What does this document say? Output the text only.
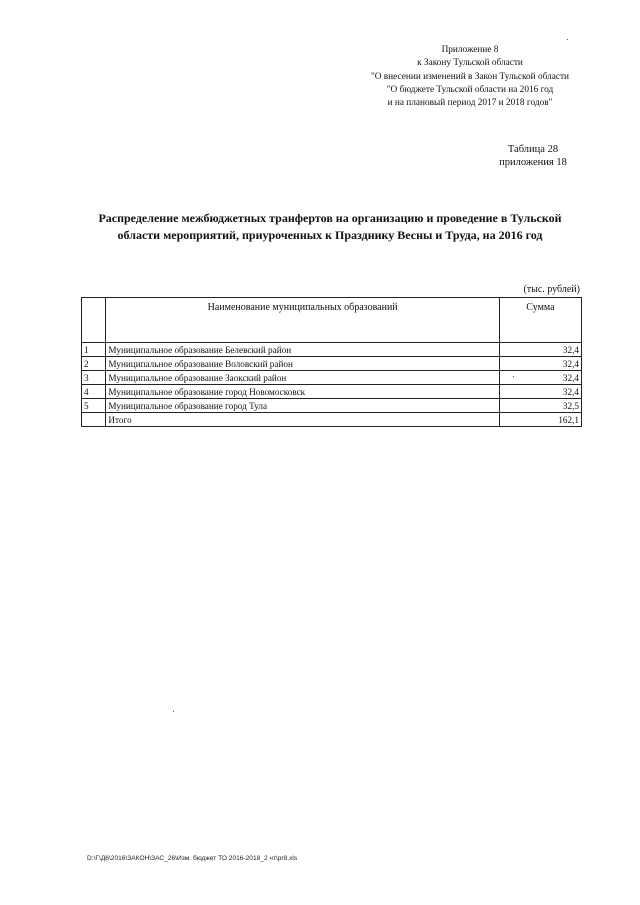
Приложение 8
к Закону Тульской области
"О внесении изменений в Закон Тульской области
"О бюджете Тульской области на 2016 год
и на плановый период 2017 и 2018 годов"
Таблица 28
приложения 18
Распределение межбюджетных транфертов на организацию и проведение в Тульской области мероприятий, приуроченных к Празднику Весны и Труда, на 2016 год
(тыс. рублей)
	Наименование муниципальных образований	Сумма
1	Муниципальное образование Белевский район	32,4
2	Муниципальное образование Воловский район	32,4
3	Муниципальное образование Заокский район	32,4
4	Муниципальное образование город Новомосковск	32,4
5	Муниципальное образование город Тула	32,5
	Итого	162,1
D:\Г\Д6\2016\ЗАКОН\ЗАС_26\Изм. бюджет ТО 2016-2018_2 чт\pr8.xls
